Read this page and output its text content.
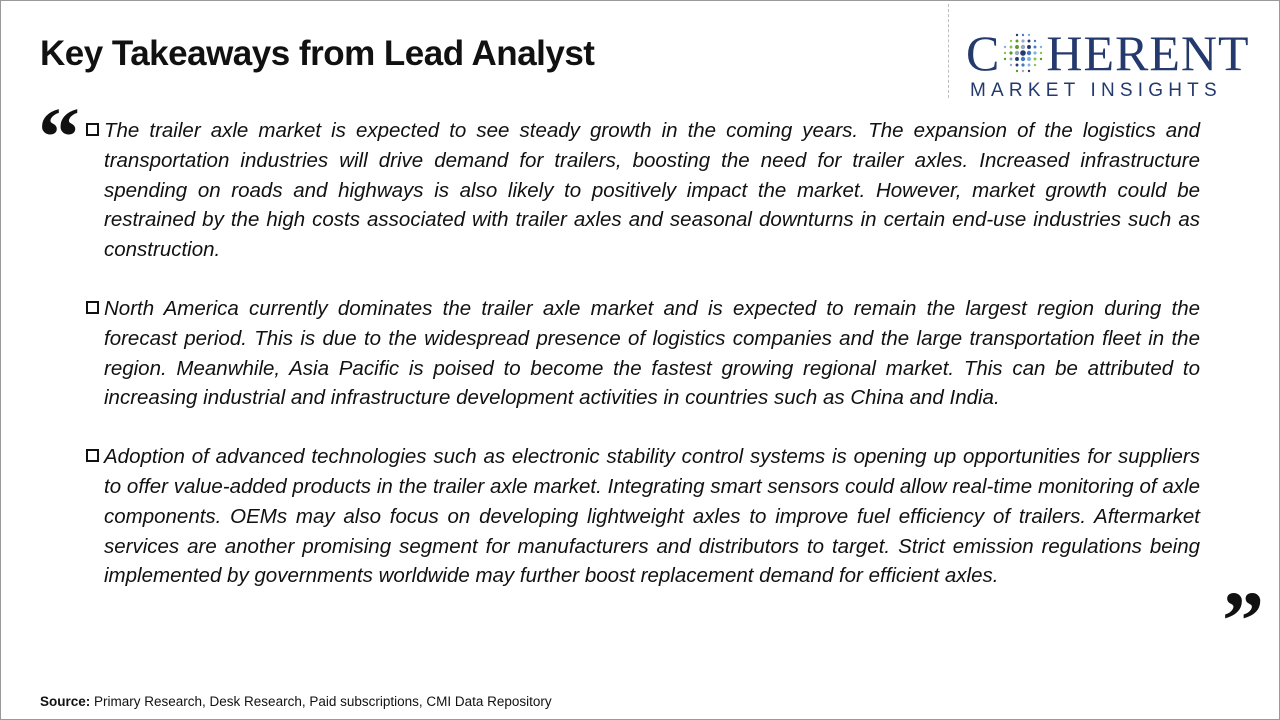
Key Takeaways from Lead Analyst	C HERENT
MARKET INSIGHTS
“ The trailer axle market is expected to see steady growth in the coming years. The expansion of the logistics and transportation industries will drive demand for trailers, boosting the need for trailer axles. Increased infrastructure spending on roads and highways is also likely to positively impact the market. However, market growth could be restrained by the high costs associated with trailer axles and seasonal downturns in certain end-use industries such as construction.
North America currently dominates the trailer axle market and is expected to remain the largest region during the forecast period. This is due to the widespread presence of logistics companies and the large transportation fleet in the region. Meanwhile, Asia Pacific is poised to become the fastest growing regional market. This can be attributed to increasing industrial and infrastructure development activities in countries such as China and India.
Adoption of advanced technologies such as electronic stability control systems is opening up opportunities for suppliers to offer value-added products in the trailer axle market. Integrating smart sensors could allow real-time monitoring of axle components. OEMs may also focus on developing lightweight axles to improve fuel efficiency of trailers. Aftermarket services are another promising segment for manufacturers and distributors to target. Strict emission regulations being implemented by governments worldwide may further boost replacement demand for efficient axles.	”
Source: Primary Research, Desk Research, Paid subscriptions, CMI Data Repository
